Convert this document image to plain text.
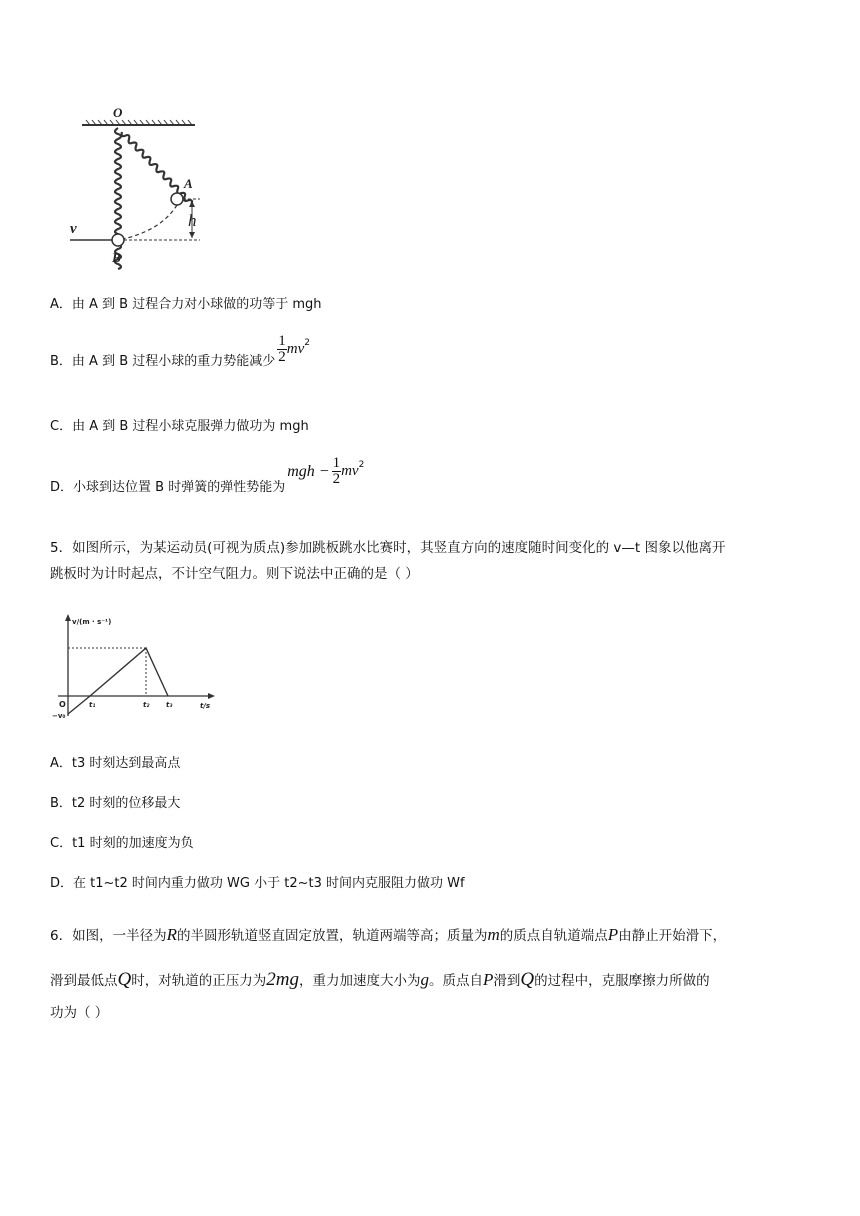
O
A
h
v
B
A．由 A 到 B 过程合力对小球做的功等于 mgh
B．由 A 到 B 过程小球的重力势能减少 $\frac{1}{2} mv^2$
C．由 A 到 B 过程小球克服弹力做功为 mgh
D．小球到达位置 B 时弹簧的弹性势能为
mgh − $\frac{1}{2} mv^2$
5．如图所示，为某运动员(可视为质点)参加跳板跳水比赛时，其竖直方向的速度随时间变化的 v—t 图象以他离开
跳板时为计时起点，不计空气阻力。则下说法中正确的是（ ）
v/(m · s⁻¹)
t/s
O
−v₀
t₁	t₂ t₃
A．t3 时刻达到最高点
B．t2 时刻的位移最大
C．t1 时刻的加速度为负
D．在 t1~t2 时间内重力做功 WG 小于 t2~t3 时间内克服阻力做功 Wf
6．如图，一半径为R的半圆形轨道竖直固定放置，轨道两端等高；质量为m的质点自轨道端点P由静止开始滑下，
滑到最低点Q时，对轨道的正压力为2mg，重力加速度大小为g。质点自P滑到Q的过程中，克服摩擦力所做的
功为（ ）
